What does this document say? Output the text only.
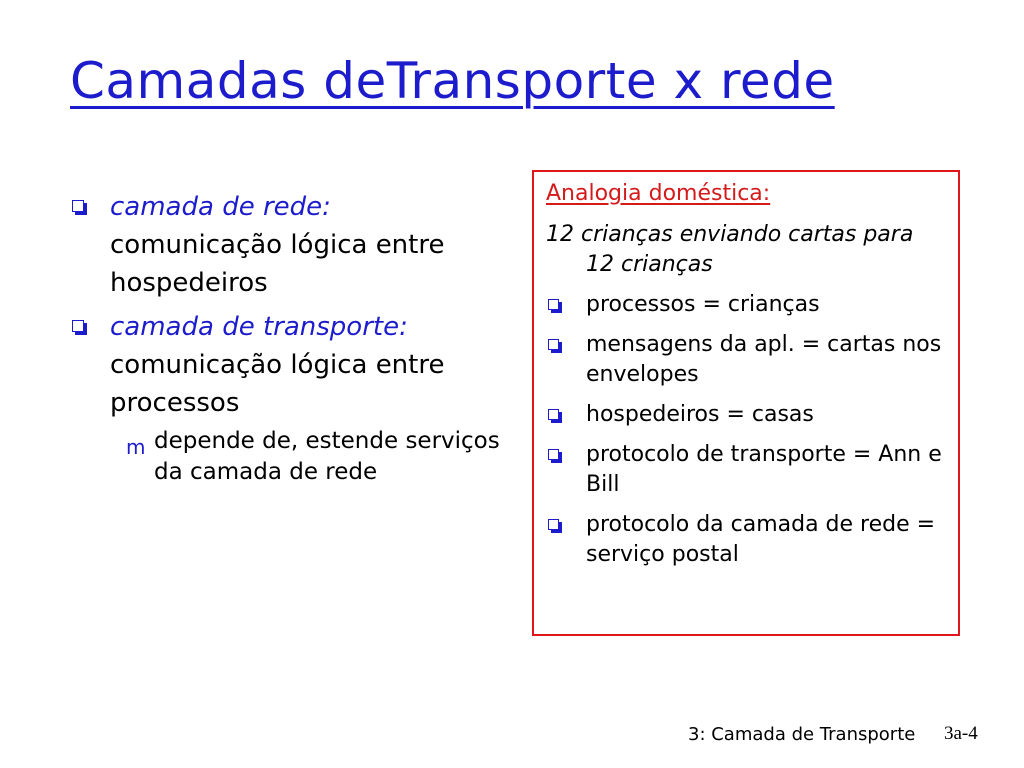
Camadas deTransporte x rede
camada de rede:
comunicação lógica entre hospedeiros
camada de transporte:
comunicação lógica entre processos
m depende de, estende serviços da camada de rede
Analogia doméstica:
12 crianças enviando cartas para 12 crianças
processos = crianças
mensagens da apl. = cartas nos envelopes
hospedeiros = casas
protocolo de transporte = Ann e Bill
protocolo da camada de rede = serviço postal
3: Camada de Transporte 3a-4
